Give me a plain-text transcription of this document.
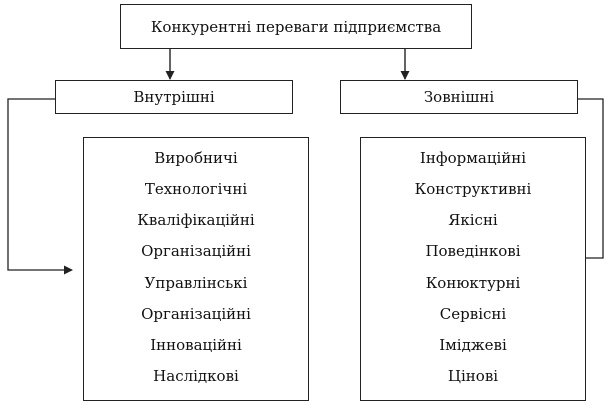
Конкурентні переваги підприємства
Внутрішні	Зовнішні
Виробничі
Технологічні
Кваліфікаційні
Організаційні
Управлінські
Організаційні
Інноваційні
Наслідкові
Інформаційні
Конструктивні
Якісні
Поведінкові
Конюктурні
Сервісні
Іміджеві
Цінові
